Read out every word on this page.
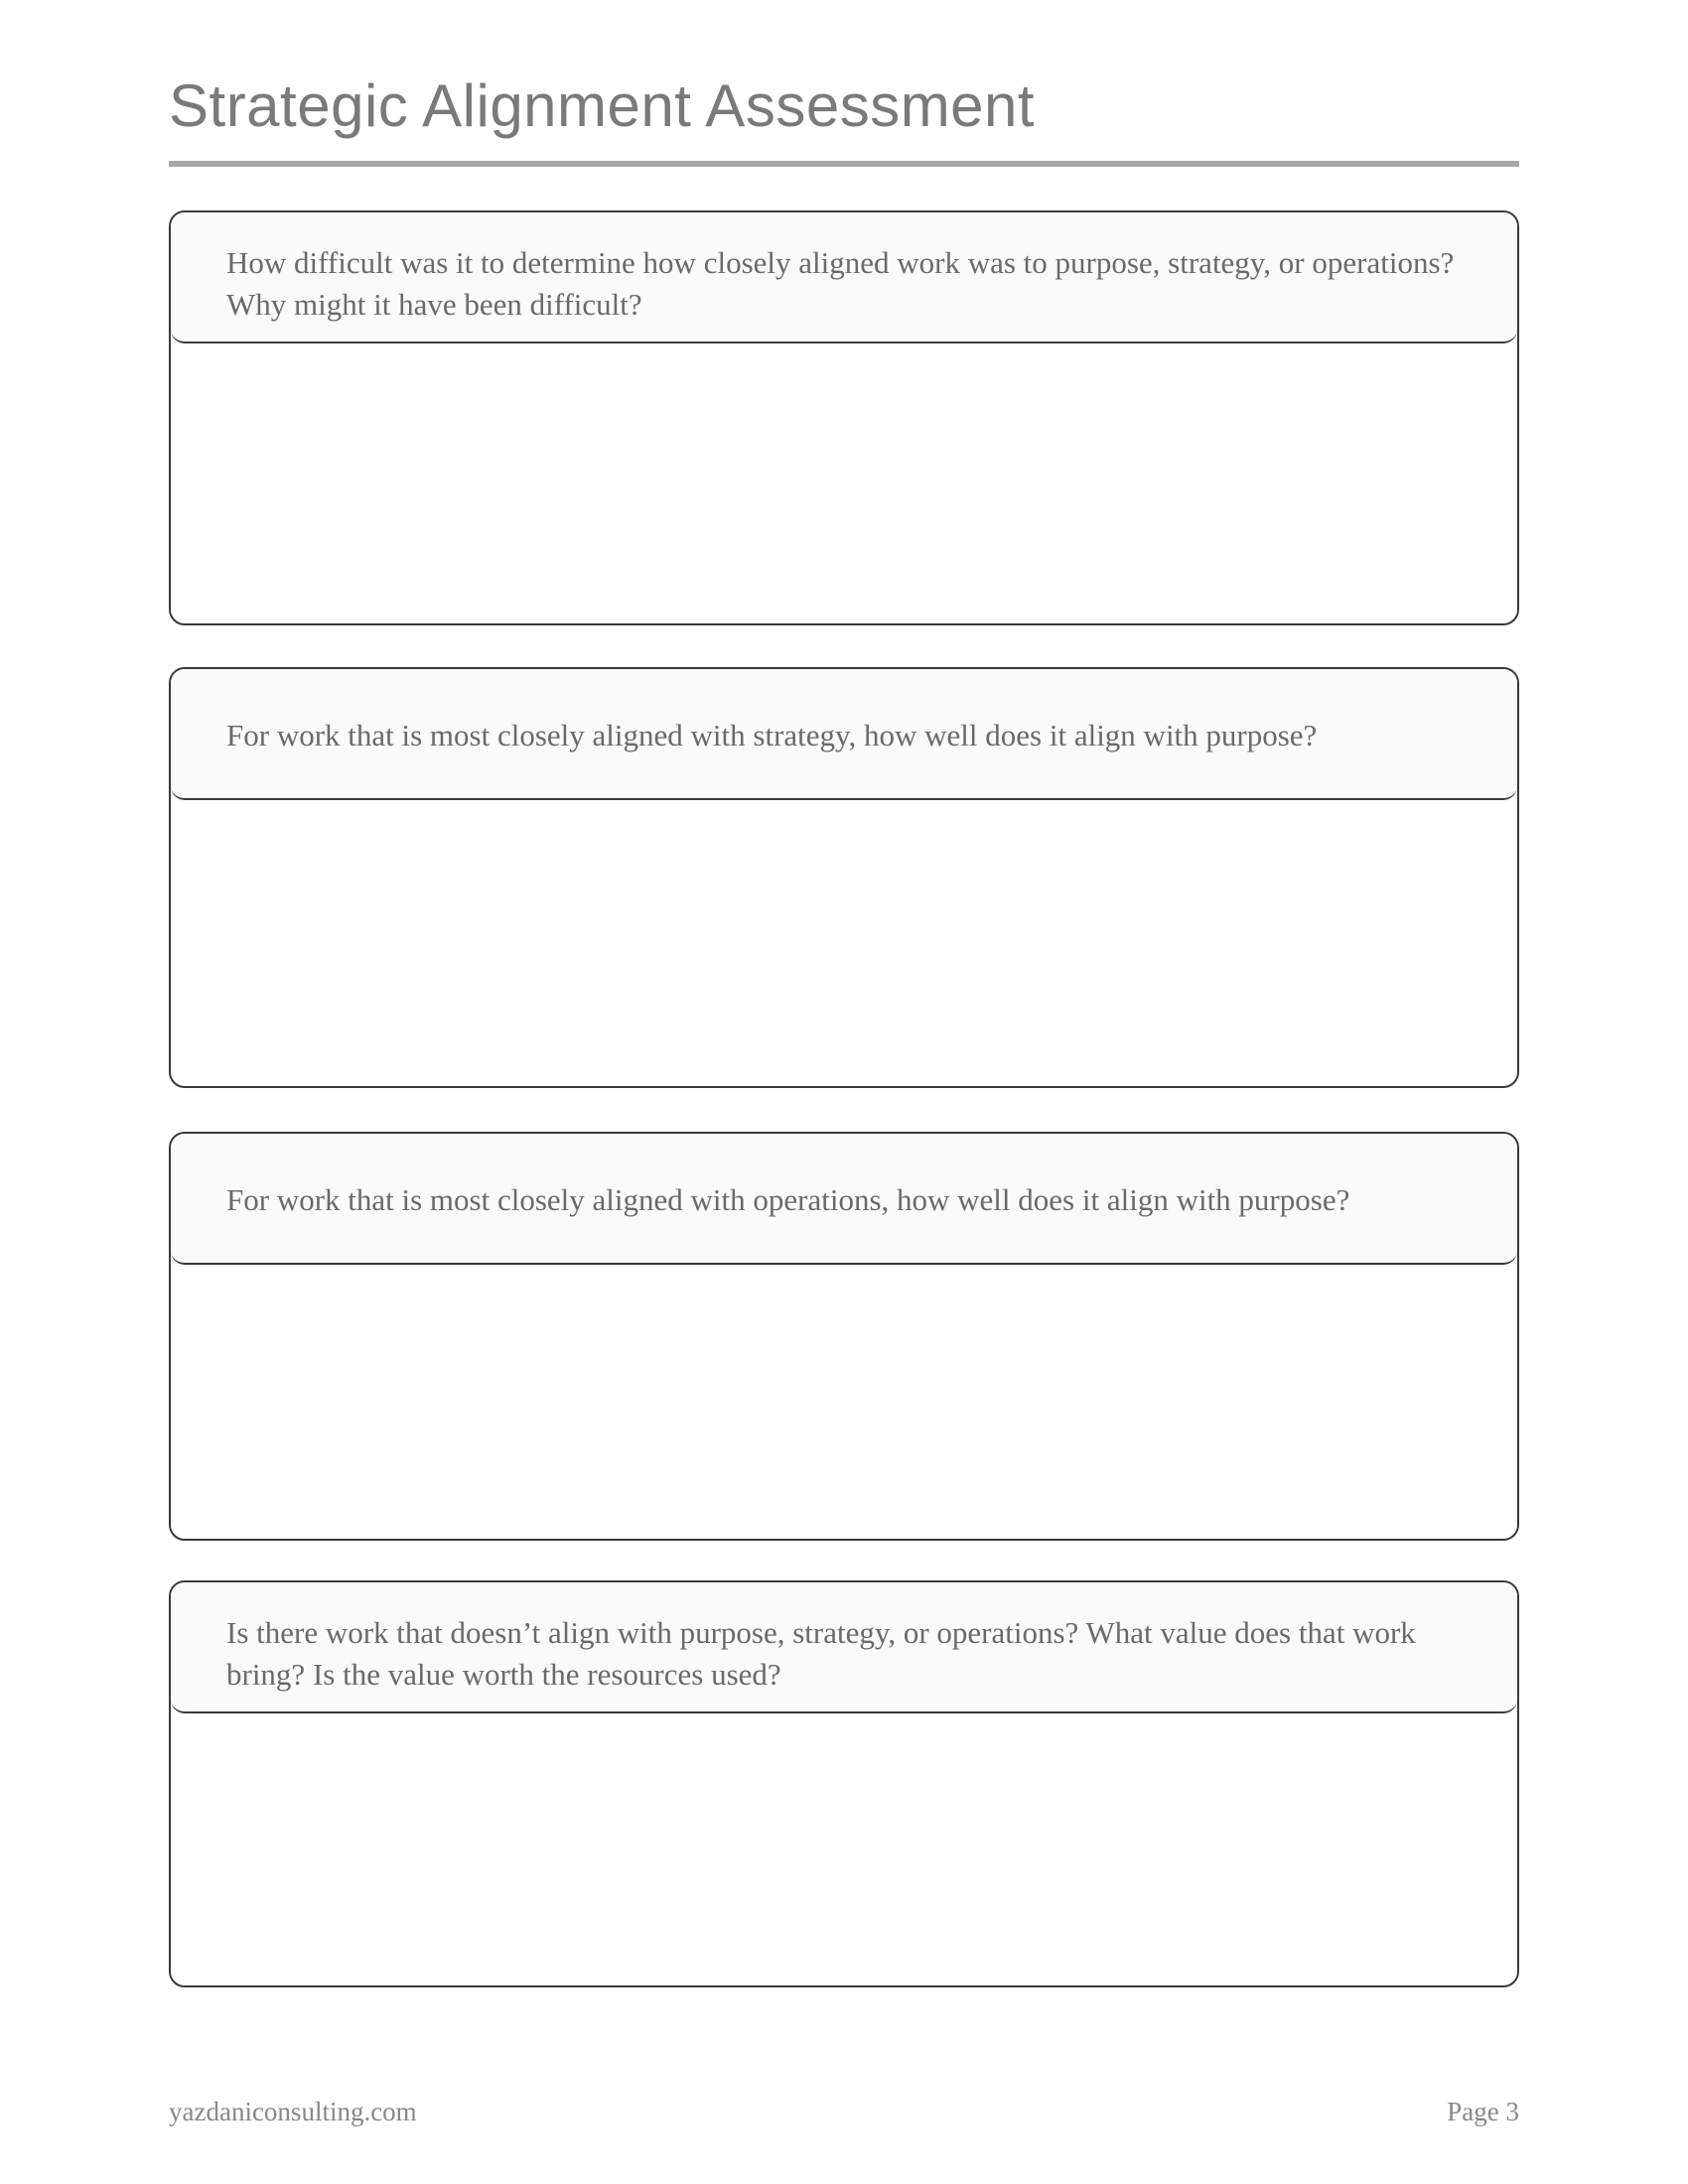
Strategic Alignment Assessment
How difficult was it to determine how closely aligned work was to purpose, strategy, or operations? Why might it have been difficult?
For work that is most closely aligned with strategy, how well does it align with purpose?
For work that is most closely aligned with operations, how well does it align with purpose?
Is there work that doesn’t align with purpose, strategy, or operations? What value does that work bring? Is the value worth the resources used?
yazdaniconsulting.com	Page 3
